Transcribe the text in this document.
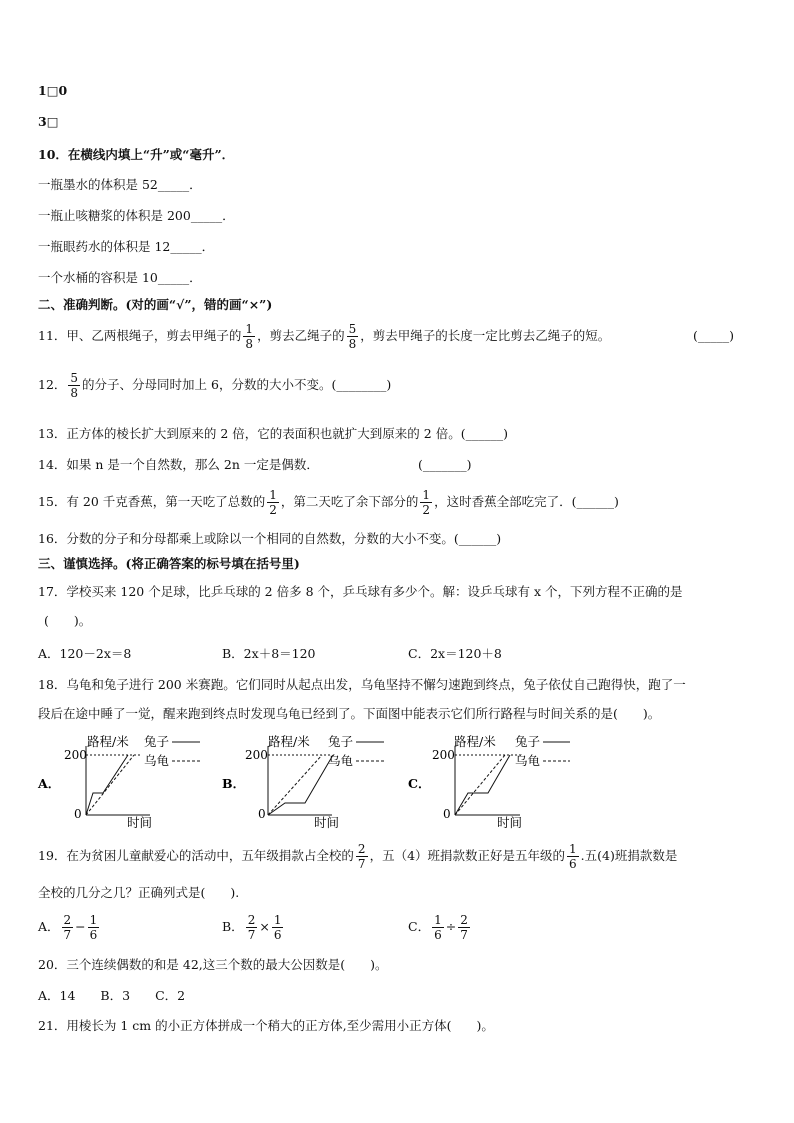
1□0
3□
10．在横线内填上“升”或“毫升”．
一瓶墨水的体积是 52_____．
一瓶止咳糖浆的体积是 200_____．
一瓶眼药水的体积是 12_____．
一个水桶的容积是 10_____．
二、准确判断。(对的画“√”，错的画“×”)
11．甲、乙两根绳子，剪去甲绳子的 $\frac{1}{8}$ ，剪去乙绳子的 $\frac{5}{8}$ ，剪去甲绳子的长度一定比剪去乙绳子的短。	(_____)
12． $\frac{5}{8}$ 的分子、分母同时加上 6，分数的大小不变。(________)
13．正方体的棱长扩大到原来的 2 倍，它的表面积也就扩大到原来的 2 倍。(______)
14．如果 n 是一个自然数，那么 2n 一定是偶数．	(_______)
15．有 20 千克香蕉，第一天吃了总数的 $\frac{1}{2}$ ，第二天吃了余下部分的 $\frac{1}{2}$ ，这时香蕉全部吃完了．(______)
16．分数的分子和分母都乘上或除以一个相同的自然数，分数的大小不变。(______)
三、谨慎选择。(将正确答案的标号填在括号里)
17．学校买来 120 个足球，比乒乓球的 2 倍多 8 个，乒乓球有多少个。解：设乒乓球有 x 个，下列方程不正确的是
(　　)。
A．120－2x＝8	B．2x＋8＝120	C．2x＝120＋8
18．乌龟和兔子进行 200 米赛跑。它们同时从起点出发，乌龟坚持不懈匀速跑到终点，兔子依仗自己跑得快，跑了一
段后在途中睡了一觉，醒来跑到终点时发现乌龟已经到了。下面图中能表示它们所行路程与时间关系的是(　　)。
A．
路程/米 兔子
乌龟
200
0
时间
B．
路程/米 兔子
乌龟
200
0
时间
C．
路程/米 兔子
乌龟
200
0
时间
19．在为贫困儿童献爱心的活动中，五年级捐款占全校的 $\frac{2}{7}$ ，五（4）班捐款数正好是五年级的 $\frac{1}{6}$ .五(4)班捐款数是
全校的几分之几？正确列式是(　　).
A． $\frac{2}{7} - \frac{1}{6}$	B． $\frac{2}{7} \times \frac{1}{6}$	C． $\frac{1}{6} \div \frac{2}{7}$
20．三个连续偶数的和是 42,这三个数的最大公因数是(　　)。
A．14　　B．3　　C．2
21．用棱长为 1 cm 的小正方体拼成一个稍大的正方体,至少需用小正方体(　　)。
